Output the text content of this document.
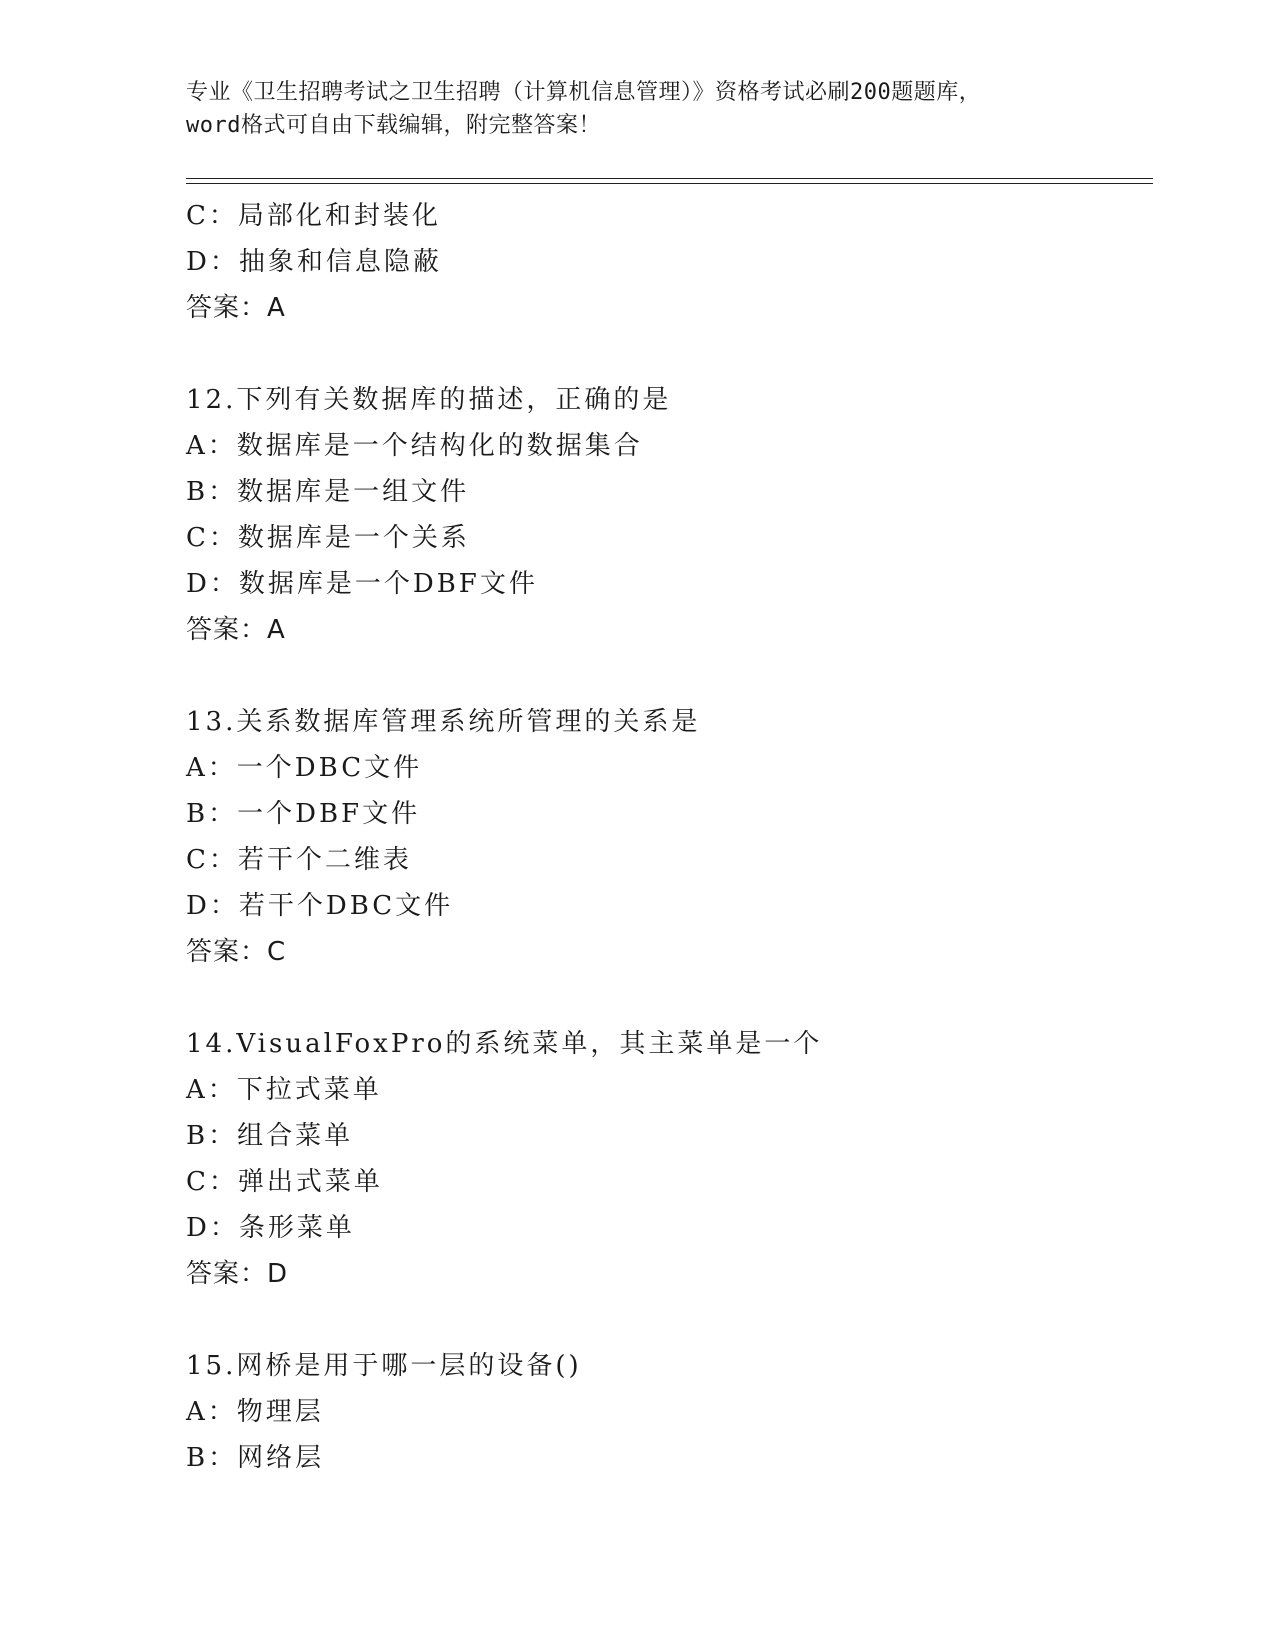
专业《卫生招聘考试之卫生招聘（计算机信息管理）》资格考试必刷200题题库，
word格式可自由下载编辑，附完整答案！
C：局部化和封装化
D：抽象和信息隐蔽
答案：A
12.下列有关数据库的描述，正确的是
A：数据库是一个结构化的数据集合
B：数据库是一组文件
C：数据库是一个关系
D：数据库是一个DBF文件
答案：A
13.关系数据库管理系统所管理的关系是
A：一个DBC文件
B：一个DBF文件
C：若干个二维表
D：若干个DBC文件
答案：C
14.VisualFoxPro的系统菜单，其主菜单是一个
A：下拉式菜单
B：组合菜单
C：弹出式菜单
D：条形菜单
答案：D
15.网桥是用于哪一层的设备()
A：物理层
B：网络层
